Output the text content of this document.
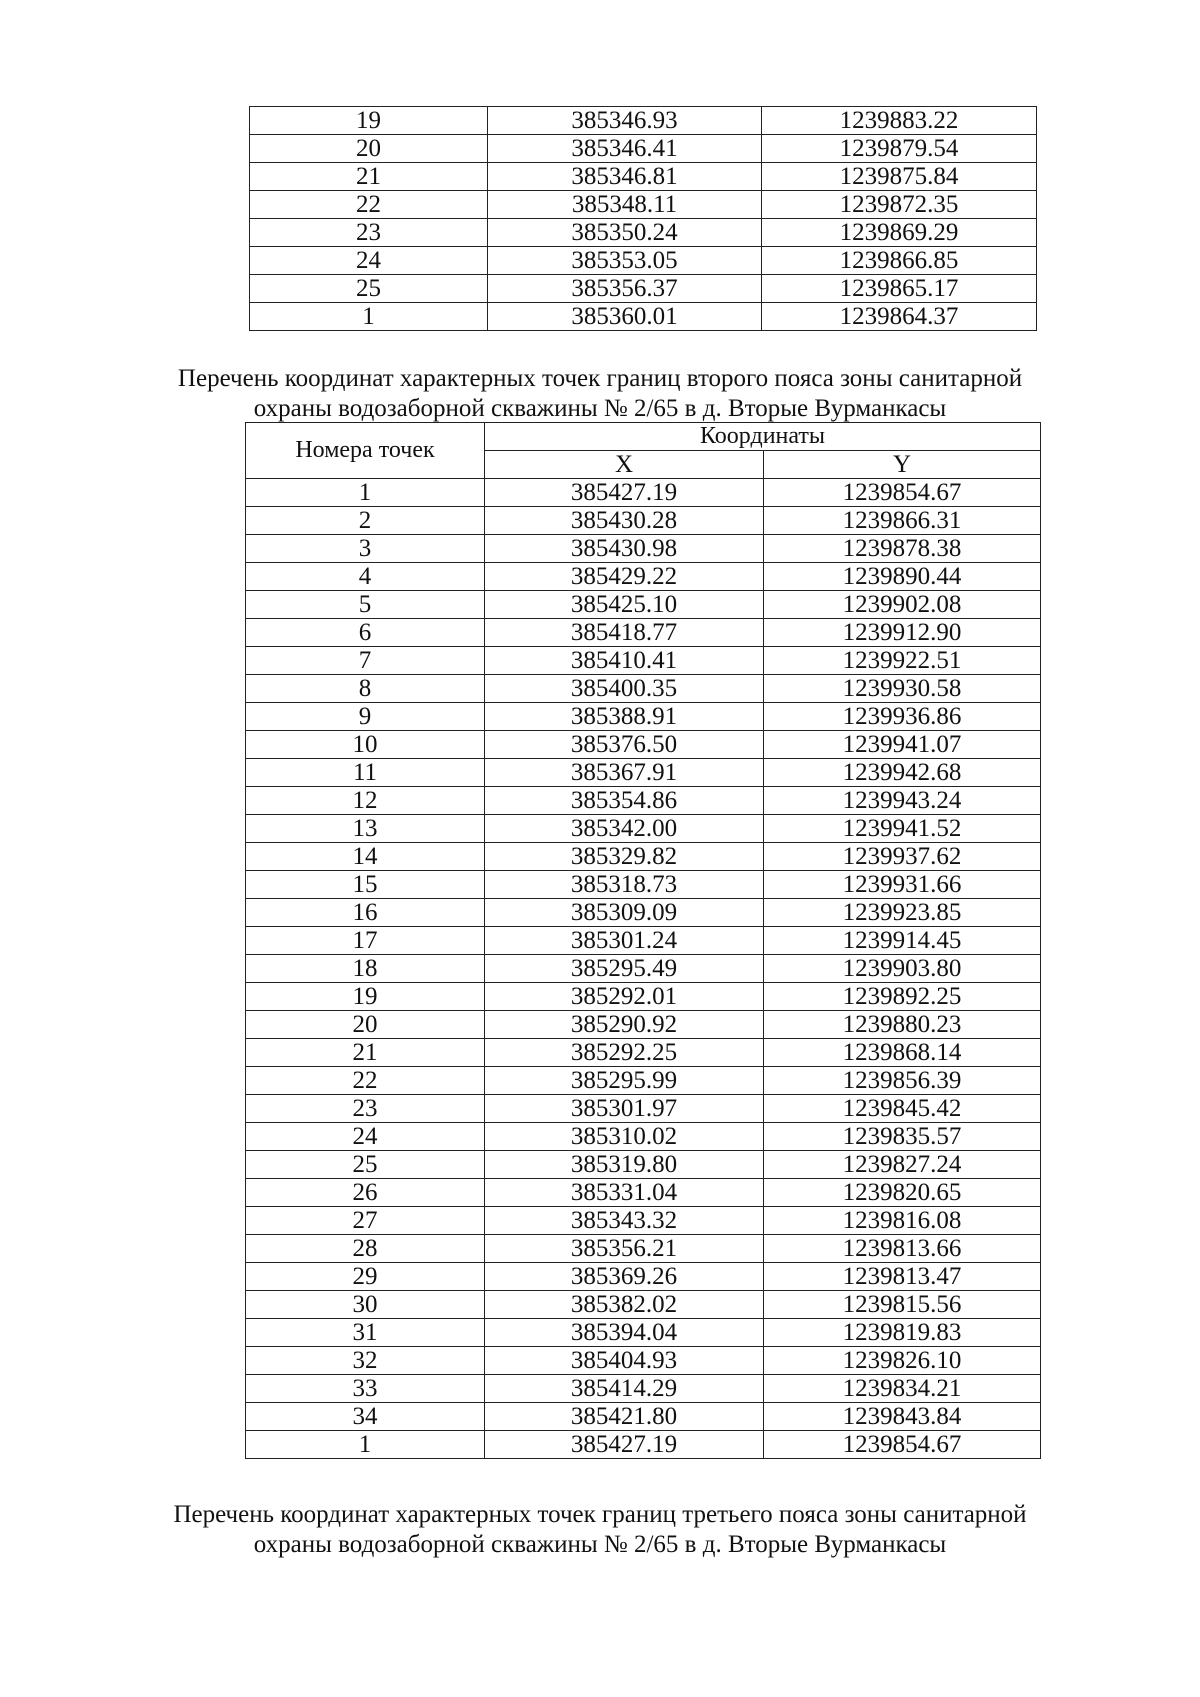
19	385346.93	1239883.22
20	385346.41	1239879.54
21	385346.81	1239875.84
22	385348.11	1239872.35
23	385350.24	1239869.29
24	385353.05	1239866.85
25	385356.37	1239865.17
1	385360.01	1239864.37
Перечень координат характерных точек границ второго пояса зоны санитарной
охраны водозаборной скважины № 2/65 в д. Вторые Вурманкасы
Номера точек	Координаты	
	X	Y
1	385427.19	1239854.67
2	385430.28	1239866.31
3	385430.98	1239878.38
4	385429.22	1239890.44
5	385425.10	1239902.08
6	385418.77	1239912.90
7	385410.41	1239922.51
8	385400.35	1239930.58
9	385388.91	1239936.86
10	385376.50	1239941.07
11	385367.91	1239942.68
12	385354.86	1239943.24
13	385342.00	1239941.52
14	385329.82	1239937.62
15	385318.73	1239931.66
16	385309.09	1239923.85
17	385301.24	1239914.45
18	385295.49	1239903.80
19	385292.01	1239892.25
20	385290.92	1239880.23
21	385292.25	1239868.14
22	385295.99	1239856.39
23	385301.97	1239845.42
24	385310.02	1239835.57
25	385319.80	1239827.24
26	385331.04	1239820.65
27	385343.32	1239816.08
28	385356.21	1239813.66
29	385369.26	1239813.47
30	385382.02	1239815.56
31	385394.04	1239819.83
32	385404.93	1239826.10
33	385414.29	1239834.21
34	385421.80	1239843.84
1	385427.19	1239854.67
Перечень координат характерных точек границ третьего пояса зоны санитарной
охраны водозаборной скважины № 2/65 в д. Вторые Вурманкасы
